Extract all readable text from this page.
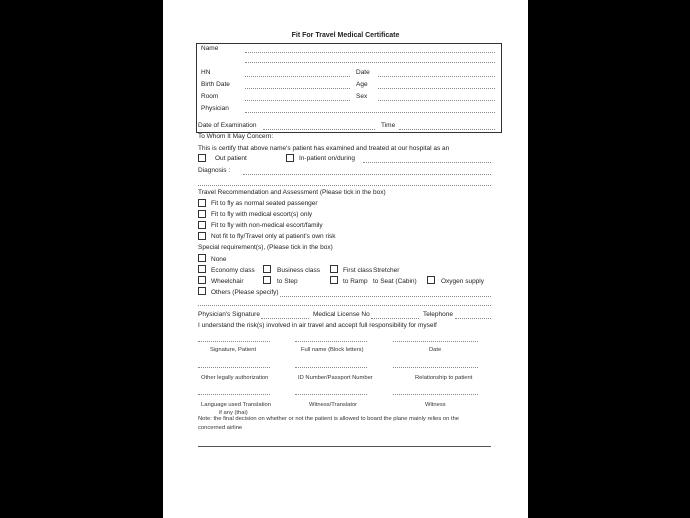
Fit For Travel Medical Certificate
Name
HN	Date
Birth Date	Age
Room	Sex
Physician
Date of Examination	Time
To Whom It May Concern:
This is certify that above name's patient has examined and treated at our hospital as an
Out patient	In-patient on/during
Diagnosis :
Travel Recommendation and Assessment (Please tick in the box)
Fit to fly as normal seated passenger
Fit to fly with medical escort(s) only
Fit to fly with non-medical escort/family
Not fit to fly/Travel only at patient's own risk
Special requirement(s), (Please tick in the box)
None
Economy class	Business class	First class Stretcher
Wheelchair	to Step	to Ramp to Seat (Cabin)	Oxygen supply
Others (Please specify)
Physician's Signature	Medical License No	Telephone
I understand the risk(s) involved in air travel and accept full responsibility for myself
Signature, Patient	Full name (Block letters)	Date
Other legally authorization	ID Number/Passport Number	Relationship to patient
Language used Translation	Witness/Translator	Witness
if any (thai)
Note: the final decision on whether or not the patient is allowed to board the plane mainly relies on the
concerned airline
